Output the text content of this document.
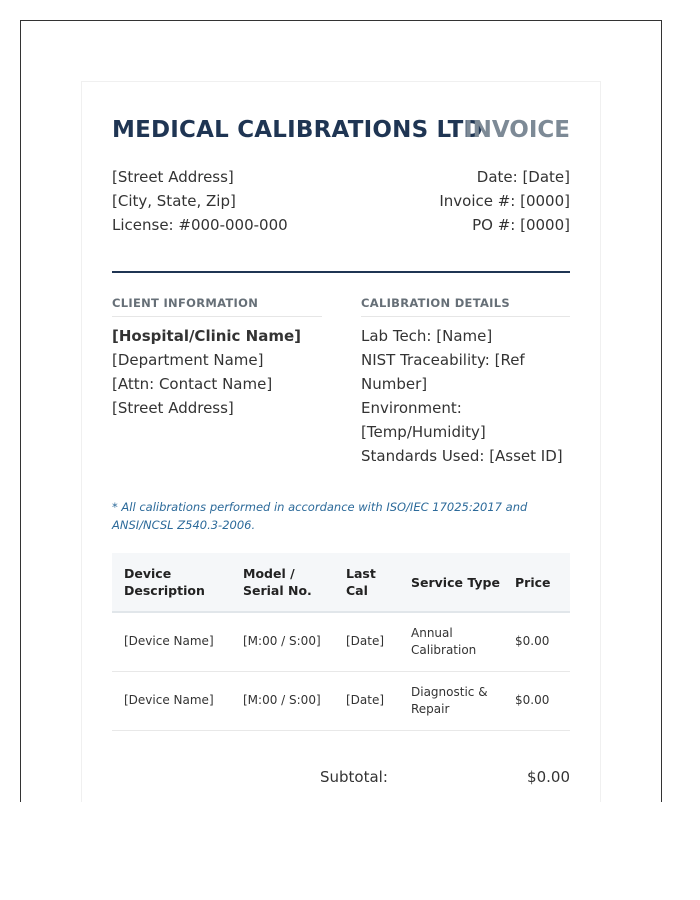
MEDICAL CALIBRATIONS LTD.
INVOICE
[Street Address]
[City, State, Zip]
License: #000-000-000
Date: [Date]
Invoice #: [0000]
PO #: [0000]
CLIENT INFORMATION	CALIBRATION DETAILS
[Hospital/Clinic Name]
[Department Name]
[Attn: Contact Name]
[Street Address]
Lab Tech: [Name]
NIST Traceability: [Ref Number]
Environment: [Temp/Humidity]
Standards Used: [Asset ID]
* All calibrations performed in accordance with ISO/IEC 17025:2017 and ANSI/NCSL Z540.3-2006.
Device Description	Model / Serial No.	Last Cal	Service Type	Price
[Device Name]	[M:00 / S:00]	[Date]	Annual Calibration	$0.00
[Device Name]	[M:00 / S:00]	[Date]	Diagnostic & Repair	$0.00
Subtotal:	$0.00
